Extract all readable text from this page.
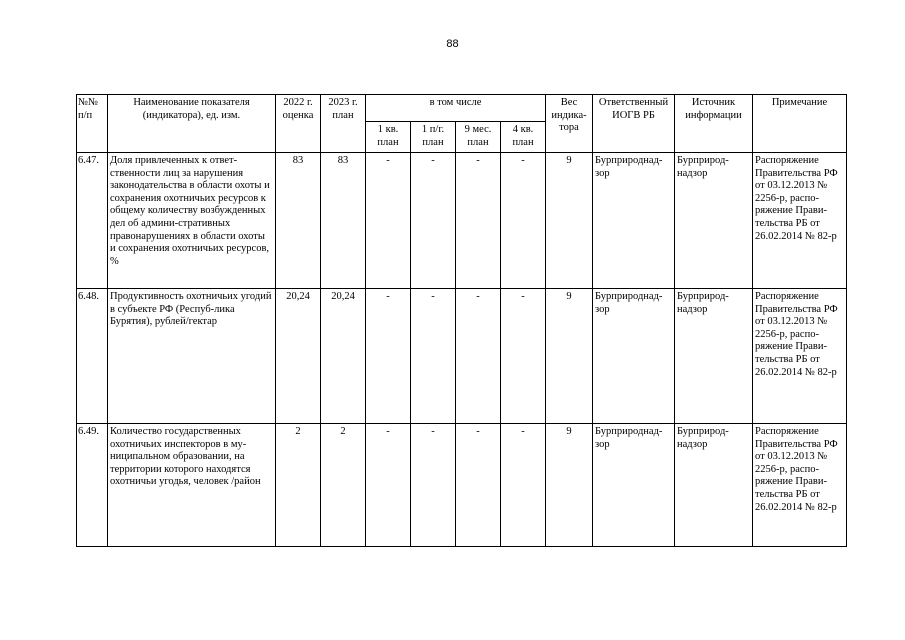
88
№№ п/п	Наименование показателя (индикатора), ед. изм.	2022 г. оценка	2023 г. план	в том числе				Вес индика-тора	Ответственный ИОГВ РБ	Источник информации	Примечание
				1 кв. план	1 п/г. план	9 мес. план	4 кв. план				
6.47.	Доля привлеченных к ответ-ственности лиц за нарушения законодательства в области охоты и сохранения охотничьих ресурсов к общему количеству возбужденных дел об админи-стративных правонарушениях в области охоты и сохранения охотничьих ресурсов, %	83	83	-	-	-	-	9	Бурприроднад-зор	Бурприрод-надзор	Распоряжение Правительства РФ от 03.12.2013 № 2256-р, распо-ряжение Прави-тельства РБ от 26.02.2014 № 82-р
6.48.	Продуктивность охотничьих угодий в субъекте РФ (Респуб-лика Бурятия), рублей/гектар	20,24	20,24	-	-	-	-	9	Бурприроднад-зор	Бурприрод-надзор	Распоряжение Правительства РФ от 03.12.2013 № 2256-р, распо-ряжение Прави-тельства РБ от 26.02.2014 № 82-р
6.49.	Количество государственных охотничьих инспекторов в му-ниципальном образовании, на территории которого находятся охотничьи угодья, человек /район	2	2	-	-	-	-	9	Бурприроднад-зор	Бурприрод-надзор	Распоряжение Правительства РФ от 03.12.2013 № 2256-р, распо-ряжение Прави-тельства РБ от 26.02.2014 № 82-р
